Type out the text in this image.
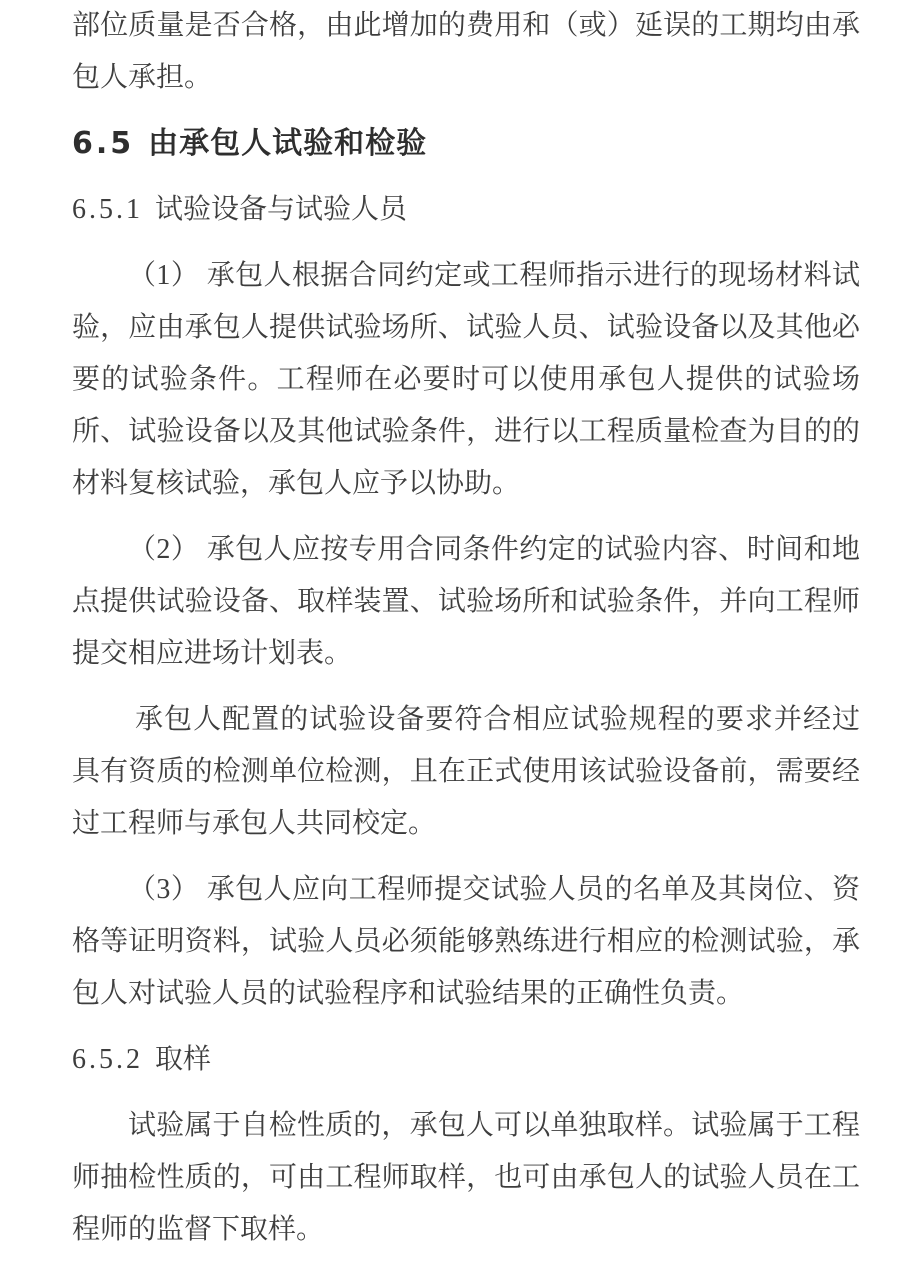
部位质量是否合格，由此增加的费用和（或）延误的工期均由承包人承担。

6.5 由承包人试验和检验
6.5.1 试验设备与试验人员

（1） 承包人根据合同约定或工程师指示进行的现场材料试验，应由承包人提供试验场所、试验人员、试验设备以及其他必要的试验条件。工程师在必要时可以使用承包人提供的试验场所、试验设备以及其他试验条件，进行以工程质量检查为目的的材料复核试验，承包人应予以协助。

（2） 承包人应按专用合同条件约定的试验内容、时间和地点提供试验设备、取样装置、试验场所和试验条件，并向工程师提交相应进场计划表。

承包人配置的试验设备要符合相应试验规程的要求并经过具有资质的检测单位检测，且在正式使用该试验设备前，需要经过工程师与承包人共同校定。

（3） 承包人应向工程师提交试验人员的名单及其岗位、资格等证明资料，试验人员必须能够熟练进行相应的检测试验，承包人对试验人员的试验程序和试验结果的正确性负责。

6.5.2 取样

试验属于自检性质的，承包人可以单独取样。试验属于工程师抽检性质的，可由工程师取样，也可由承包人的试验人员在工程师的监督下取样。
